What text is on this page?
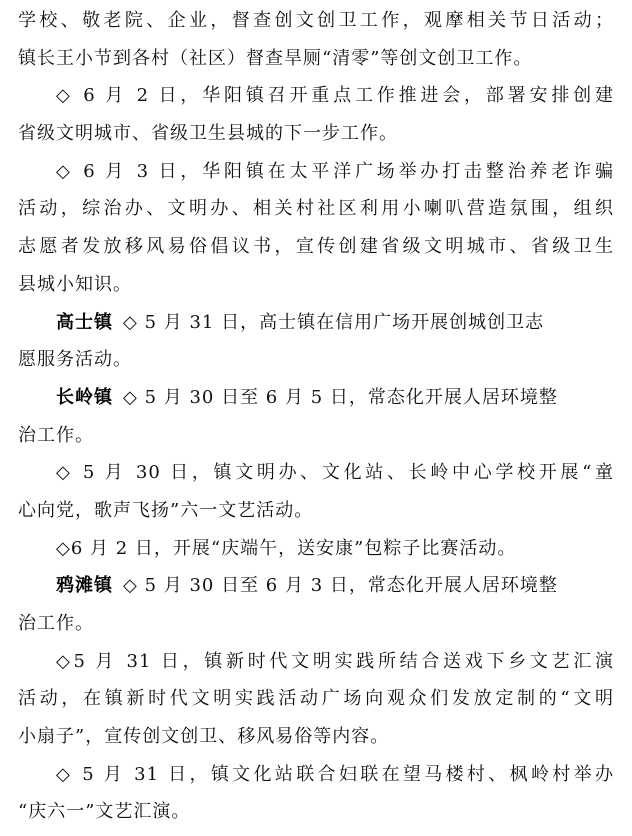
学校、敬老院、企业，督查创文创卫工作，观摩相关节日活动；
镇长王小节到各村（社区）督查旱厕“清零”等创文创卫工作。
◇ 6 月 2 日，华阳镇召开重点工作推进会，部署安排创建
省级文明城市、省级卫生县城的下一步工作。
◇ 6 月 3 日，华阳镇在太平洋广场举办打击整治养老诈骗
活动，综治办、文明办、相关村社区利用小喇叭营造氛围，组织
志愿者发放移风易俗倡议书，宣传创建省级文明城市、省级卫生
县城小知识。
高士镇 ◇ 5 月 31 日，高士镇在信用广场开展创城创卫志
愿服务活动。
长岭镇 ◇ 5 月 30 日至 6 月 5 日，常态化开展人居环境整
治工作。
◇ 5 月 30 日，镇文明办、文化站、长岭中心学校开展“童
心向党，歌声飞扬”六一文艺活动。
◇6 月 2 日，开展“庆端午，送安康”包粽子比赛活动。
鸦滩镇 ◇ 5 月 30 日至 6 月 3 日，常态化开展人居环境整
治工作。
◇5 月 31 日，镇新时代文明实践所结合送戏下乡文艺汇演
活动，在镇新时代文明实践活动广场向观众们发放定制的“文明
小扇子”，宣传创文创卫、移风易俗等内容。
◇ 5 月 31 日，镇文化站联合妇联在望马楼村、枫岭村举办
“庆六一”文艺汇演。
